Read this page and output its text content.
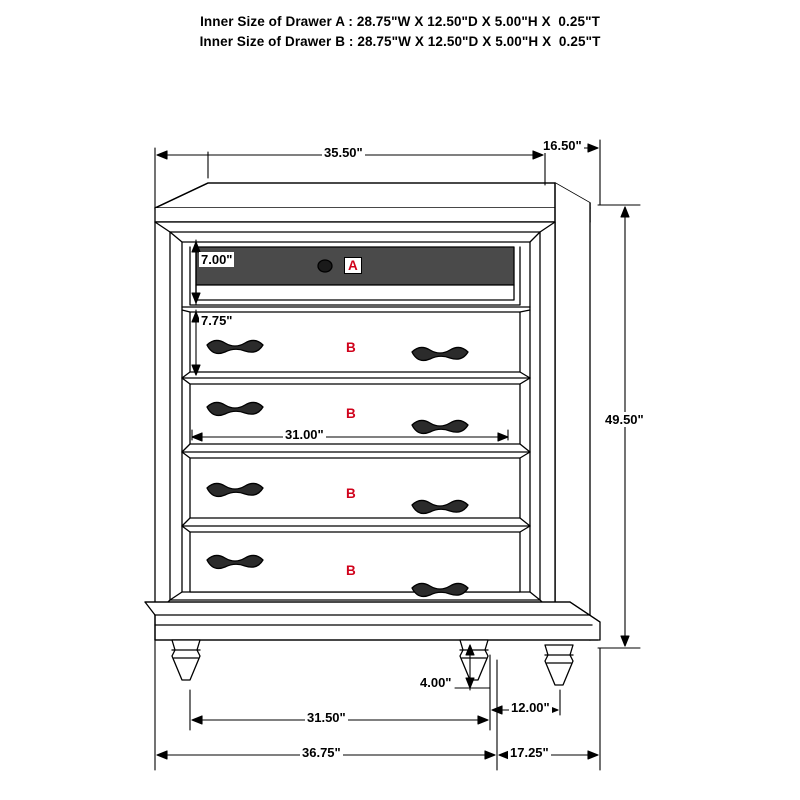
Inner Size of Drawer A : 28.75"W X 12.50"D X 5.00"H X  0.25"T
Inner Size of Drawer B : 28.75"W X 12.50"D X 5.00"H X  0.25"T
35.50"	16.50"
7.00"
7.75"
31.00"
49.50"
4.00"
31.50"
12.00"
36.75"	17.25"
A
B
B
B
B
